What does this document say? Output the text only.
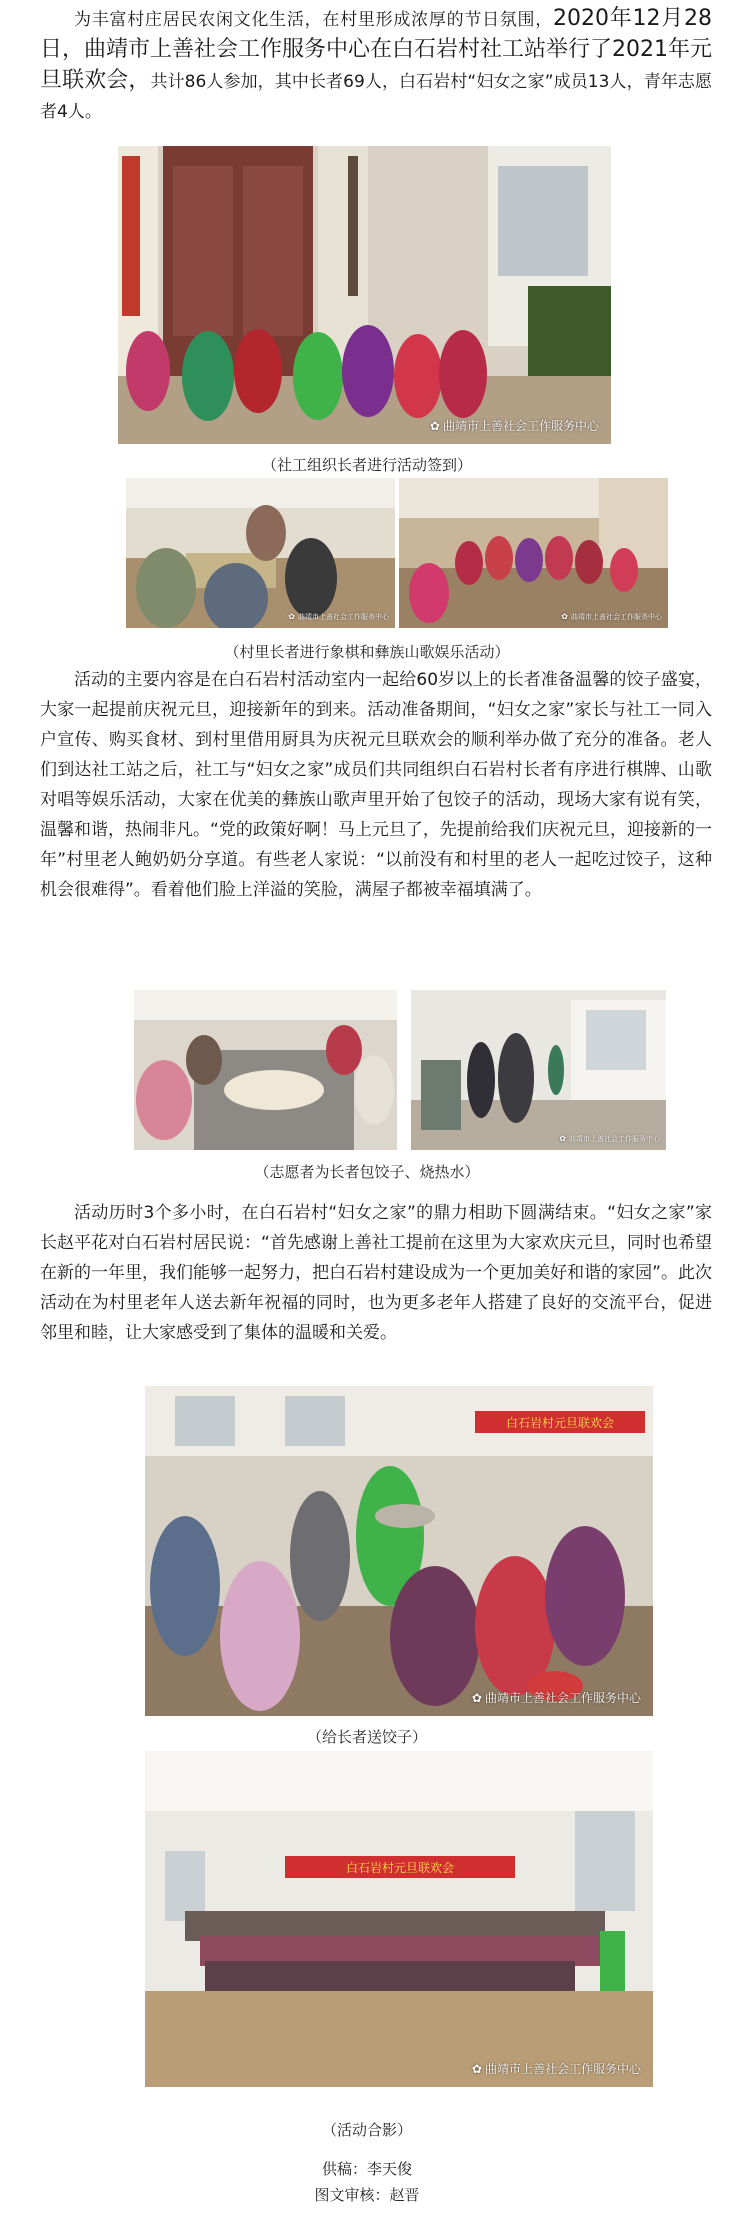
为丰富村庄居民农闲文化生活，在村里形成浓厚的节日氛围，2020年12月28日，曲靖市上善社会工作服务中心在白石岩村社工站举行了2021年元旦联欢会，共计86人参加，其中长者69人，白石岩村“妇女之家”成员13人，青年志愿者4人。

✿ 曲靖市上善社会工作服务中心
（社工组织长者进行活动签到）
✿ 曲靖市上善社会工作服务中心	✿ 曲靖市上善社会工作服务中心
（村里长者进行象棋和彝族山歌娱乐活动）

活动的主要内容是在白石岩村活动室内一起给60岁以上的长者准备温馨的饺子盛宴，大家一起提前庆祝元旦，迎接新年的到来。活动准备期间，“妇女之家”家长与社工一同入户宣传、购买食材、到村里借用厨具为庆祝元旦联欢会的顺利举办做了充分的准备。老人们到达社工站之后，社工与“妇女之家”成员们共同组织白石岩村长者有序进行棋牌、山歌对唱等娱乐活动，大家在优美的彝族山歌声里开始了包饺子的活动，现场大家有说有笑，温馨和谐，热闹非凡。“党的政策好啊！马上元旦了，先提前给我们庆祝元旦，迎接新的一年”村里老人鲍奶奶分享道。有些老人家说：“以前没有和村里的老人一起吃过饺子，这种机会很难得”。看着他们脸上洋溢的笑脸，满屋子都被幸福填满了。

✿ 曲靖市上善社会工作服务中心
（志愿者为长者包饺子、烧热水）

活动历时3个多小时，在白石岩村“妇女之家”的鼎力相助下圆满结束。“妇女之家”家长赵平花对白石岩村居民说：“首先感谢上善社工提前在这里为大家欢庆元旦，同时也希望在新的一年里，我们能够一起努力，把白石岩村建设成为一个更加美好和谐的家园”。此次活动在为村里老年人送去新年祝福的同时，也为更多老年人搭建了良好的交流平台，促进邻里和睦，让大家感受到了集体的温暖和关爱。

白石岩村元旦联欢会
✿ 曲靖市上善社会工作服务中心
（给长者送饺子）
白石岩村元旦联欢会
✿ 曲靖市上善社会工作服务中心
（活动合影）
供稿：李天俊
图文审核：赵晋
